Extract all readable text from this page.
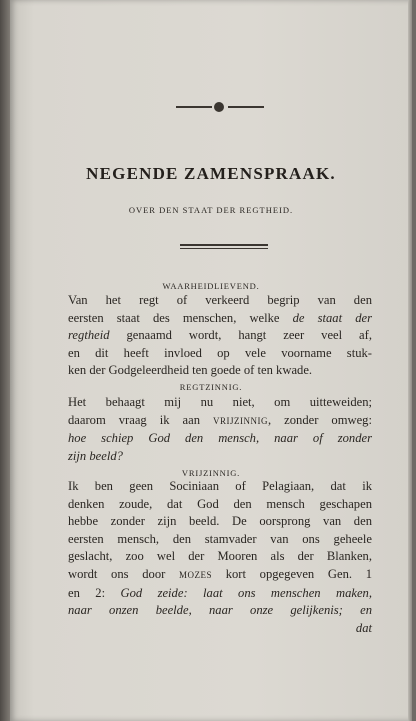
NEGENDE ZAMENSPRAAK.
OVER DEN STAAT DER REGTHEID.
WAARHEIDLIEVEND.
Van het regt of verkeerd begrip van den
eersten staat des menschen, welke de staat der
regtheid genaamd wordt, hangt zeer veel af,
en dit heeft invloed op vele voorname stuk-
ken der Godgeleerdheid ten goede of ten kwade.
REGTZINNIG.
Het behaagt mij nu niet, om uitteweiden;
daarom vraag ik aan VRIJZINNIG, zonder omweg:
hoe schiep God den mensch, naar of zonder
zijn beeld?
VRIJZINNIG.
Ik ben geen Sociniaan of Pelagiaan, dat ik
denken zoude, dat God den mensch geschapen
hebbe zonder zijn beeld. De oorsprong van den
eersten mensch, den stamvader van ons geheele
geslacht, zoo wel der Mooren als der Blanken,
wordt ons door MOZES kort opgegeven Gen. 1
en 2: God zeide: laat ons menschen maken,
naar onzen beelde, naar onze gelijkenis; en
dat
